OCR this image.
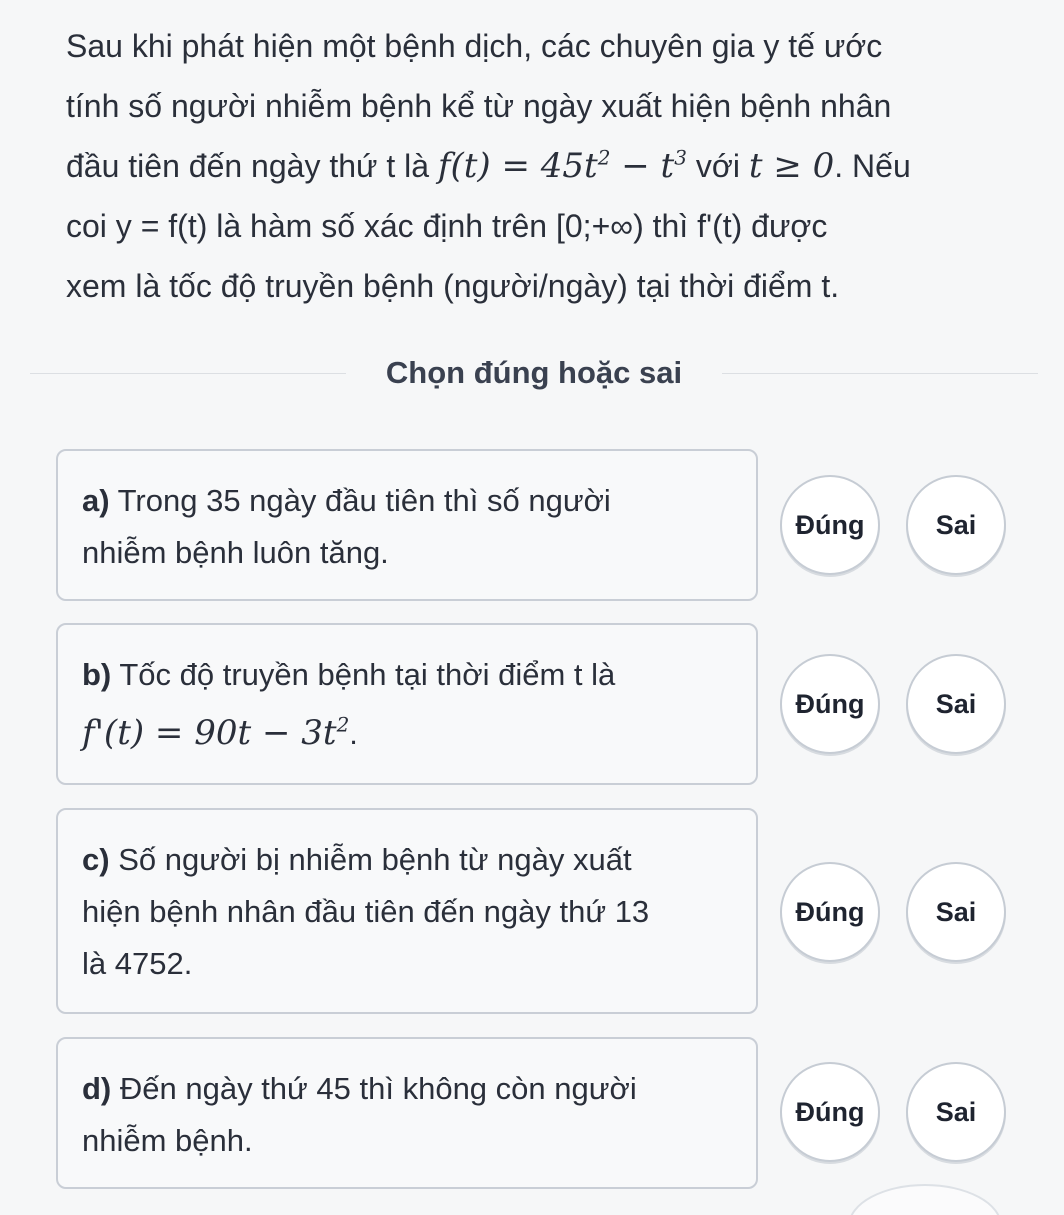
Sau khi phát hiện một bệnh dịch, các chuyên gia y tế ước
tính số người nhiễm bệnh kể từ ngày xuất hiện bệnh nhân
đầu tiên đến ngày thứ t là $f(t) = 45t^2 - t^3$ với t ≥ 0. Nếu
coi y = f(t) là hàm số xác định trên [0;+∞) thì f'(t) được
xem là tốc độ truyền bệnh (người/ngày) tại thời điểm t.
Chọn đúng hoặc sai
a) Trong 35 ngày đầu tiên thì số người
nhiễm bệnh luôn tăng.
Đúng	Sai
b) Tốc độ truyền bệnh tại thời điểm t là
$f'(t) = 90t - 3t^2$.
Đúng	Sai
c) Số người bị nhiễm bệnh từ ngày xuất
hiện bệnh nhân đầu tiên đến ngày thứ 13
là 4752.
Đúng	Sai
d) Đến ngày thứ 45 thì không còn người
nhiễm bệnh.
Đúng	Sai
